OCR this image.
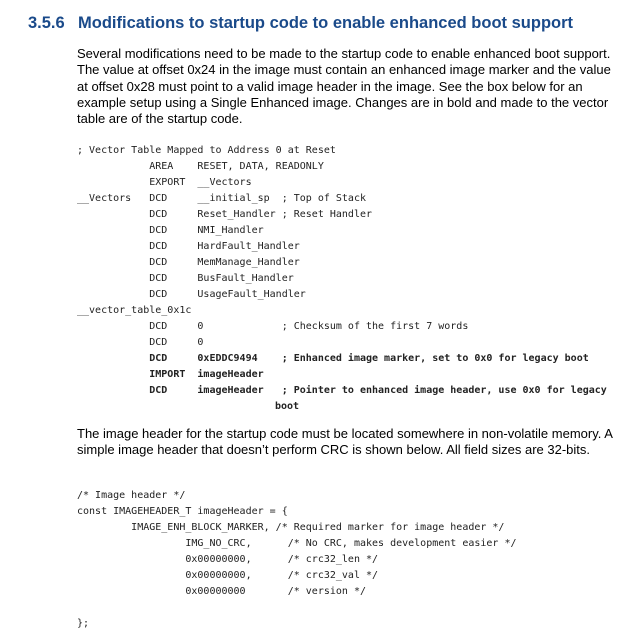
3.5.6 Modifications to startup code to enable enhanced boot support
Several modifications need to be made to the startup code to enable enhanced boot support. The value at offset 0x24 in the image must contain an enhanced image marker and the value at offset 0x28 must point to a valid image header in the image. See the box below for an example setup using a Single Enhanced image. Changes are in bold and made to the vector table are of the startup code.
; Vector Table Mapped to Address 0 at Reset
AREA    RESET, DATA, READONLY
EXPORT  __Vectors
__Vectors   DCD     __initial_sp  ; Top of Stack
DCD     Reset_Handler ; Reset Handler
DCD     NMI_Handler
DCD     HardFault_Handler
DCD     MemManage_Handler
DCD     BusFault_Handler
DCD     UsageFault_Handler
__vector_table_0x1c
DCD     0             ; Checksum of the first 7 words
DCD     0
DCD     0xEDDC9494    ; Enhanced image marker, set to 0x0 for legacy boot
IMPORT  imageHeader
DCD     imageHeader   ; Pointer to enhanced image header, use 0x0 for legacy
boot
The image header for the startup code must be located somewhere in non-volatile memory. A simple image header that doesn’t perform CRC is shown below. All field sizes are 32-bits.
/* Image header */
const IMAGEHEADER_T imageHeader = {
IMAGE_ENH_BLOCK_MARKER, /* Required marker for image header */
IMG_NO_CRC,      /* No CRC, makes development easier */
0x00000000,      /* crc32_len */
0x00000000,      /* crc32_val */
0x00000000       /* version */
};
